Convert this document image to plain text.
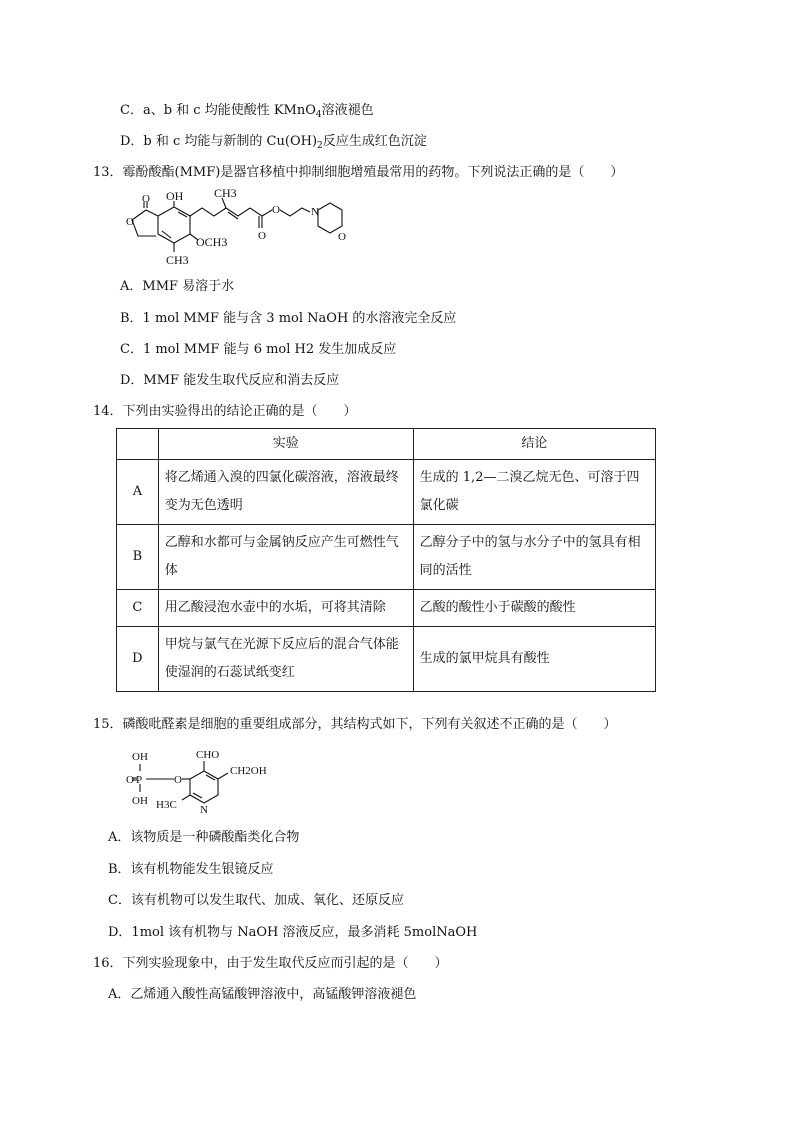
C．a、b 和 c 均能使酸性 KMnO$_4$溶液褪色
D．b 和 c 均能与新制的 $Cu(OH)_2$反应生成红色沉淀
13．霉酚酸酯(MMF)是器官移植中抑制细胞增殖最常用的药物。下列说法正确的是（　　）
O
O OH	CH3
OCH3
CH3
O
O
N
O
A．MMF 易溶于水
B．1 mol MMF 能与含 3 mol NaOH 的水溶液完全反应
C．1 mol MMF 能与 6 mol H2 发生加成反应
D．MMF 能发生取代反应和消去反应
14．下列由实验得出的结论正确的是（　　）
	实验	结论
A	将乙烯通入溴的四氯化碳溶液，溶液最终变为无色透明	生成的 1,2—二溴乙烷无色、可溶于四氯化碳
B	乙醇和水都可与金属钠反应产生可燃性气体	乙醇分子中的氢与水分子中的氢具有相同的活性
C	用乙酸浸泡水壶中的水垢，可将其清除	乙酸的酸性小于碳酸的酸性
D	甲烷与氯气在光源下反应后的混合气体能使湿润的石蕊试纸变红	生成的氯甲烷具有酸性
15．磷酸吡醛素是细胞的重要组成部分，其结构式如下，下列有关叙述不正确的是（　　）
OH
P
O
OH
O
CHO
CH2OH
H3C N
A．该物质是一种磷酸酯类化合物
B．该有机物能发生银镜反应
C．该有机物可以发生取代、加成、氧化、还原反应
D．1mol 该有机物与 NaOH 溶液反应，最多消耗 5molNaOH
16．下列实验现象中，由于发生取代反应而引起的是（　　）
A．乙烯通入酸性高锰酸钾溶液中，高锰酸钾溶液褪色
